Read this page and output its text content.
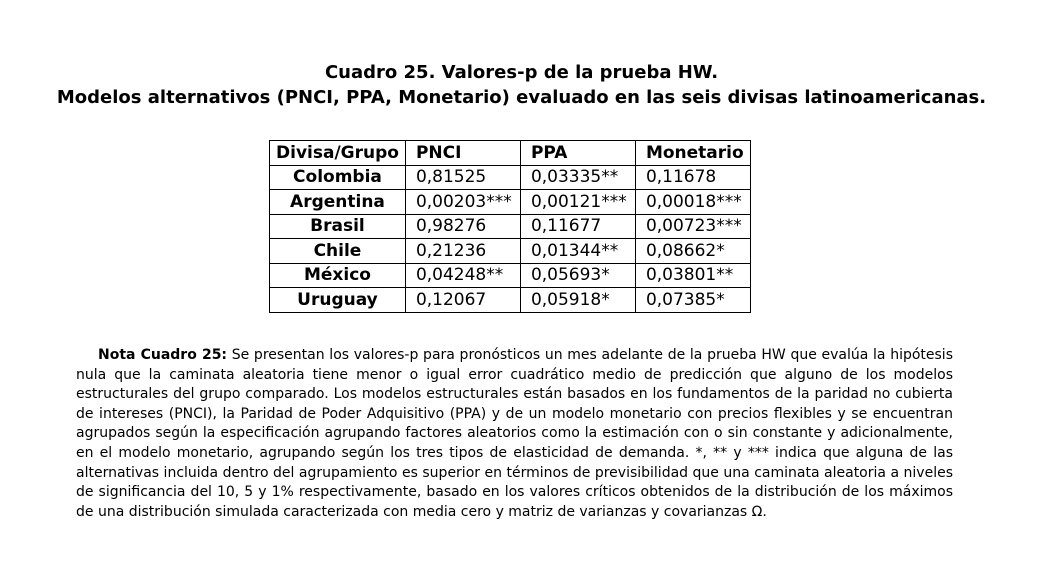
Cuadro 25. Valores-p de la prueba HW.
Modelos alternativos (PNCI, PPA, Monetario) evaluado en las seis divisas latinoamericanas.
Divisa/Grupo	PNCI	PPA	Monetario
Colombia	0,81525	0,03335**	0,11678
Argentina	0,00203***	0,00121***	0,00018***
Brasil	0,98276	0,11677	0,00723***
Chile	0,21236	0,01344**	0,08662*
México	0,04248**	0,05693*	0,03801**
Uruguay	0,12067	0,05918*	0,07385*
Nota Cuadro 25: Se presentan los valores-p para pronósticos un mes adelante de la prueba HW que evalúa la hipótesis nula que la caminata aleatoria tiene menor o igual error cuadrático medio de predicción que alguno de los modelos estructurales del grupo comparado. Los modelos estructurales están basados en los fundamentos de la paridad no cubierta de intereses (PNCI), la Paridad de Poder Adquisitivo (PPA) y de un modelo monetario con precios flexibles y se encuentran agrupados según la especificación agrupando factores aleatorios como la estimación con o sin constante y adicionalmente, en el modelo monetario, agrupando según los tres tipos de elasticidad de demanda. *, ** y *** indica que alguna de las alternativas incluida dentro del agrupamiento es superior en términos de previsibilidad que una caminata aleatoria a niveles de significancia del 10, 5 y 1% respectivamente, basado en los valores críticos obtenidos de la distribución de los máximos de una distribución simulada caracterizada con media cero y matriz de varianzas y covarianzas Ω.
